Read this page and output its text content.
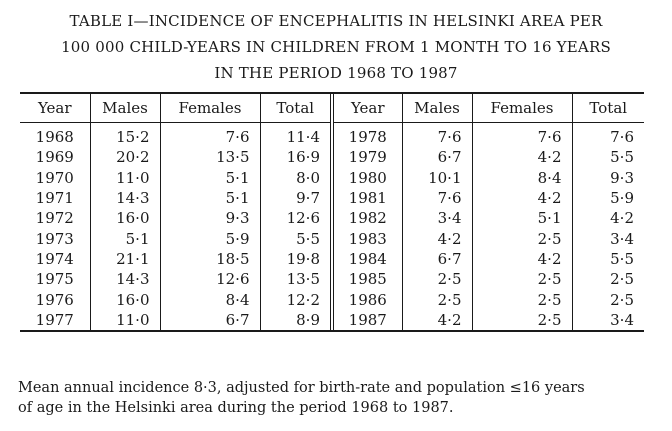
TABLE I—INCIDENCE OF ENCEPHALITIS IN HELSINKI AREA PER
100 000 CHILD-YEARS IN CHILDREN FROM 1 MONTH TO 16 YEARS
IN THE PERIOD 1968 TO 1987
Year	Males	Females	Total	Year	Males	Females	Total
1968	15·2	7·6	11·4	1978	7·6	7·6	7·6
1969	20·2	13·5	16·9	1979	6·7	4·2	5·5
1970	11·0	5·1	8·0	1980	10·1	8·4	9·3
1971	14·3	5·1	9·7	1981	7·6	4·2	5·9
1972	16·0	9·3	12·6	1982	3·4	5·1	4·2
1973	5·1	5·9	5·5	1983	4·2	2·5	3·4
1974	21·1	18·5	19·8	1984	6·7	4·2	5·5
1975	14·3	12·6	13·5	1985	2·5	2·5	2·5
1976	16·0	8·4	12·2	1986	2·5	2·5	2·5
1977	11·0	6·7	8·9	1987	4·2	2·5	3·4
Mean annual incidence 8·3, adjusted for birth-rate and population ≤16 years
of age in the Helsinki area during the period 1968 to 1987.
